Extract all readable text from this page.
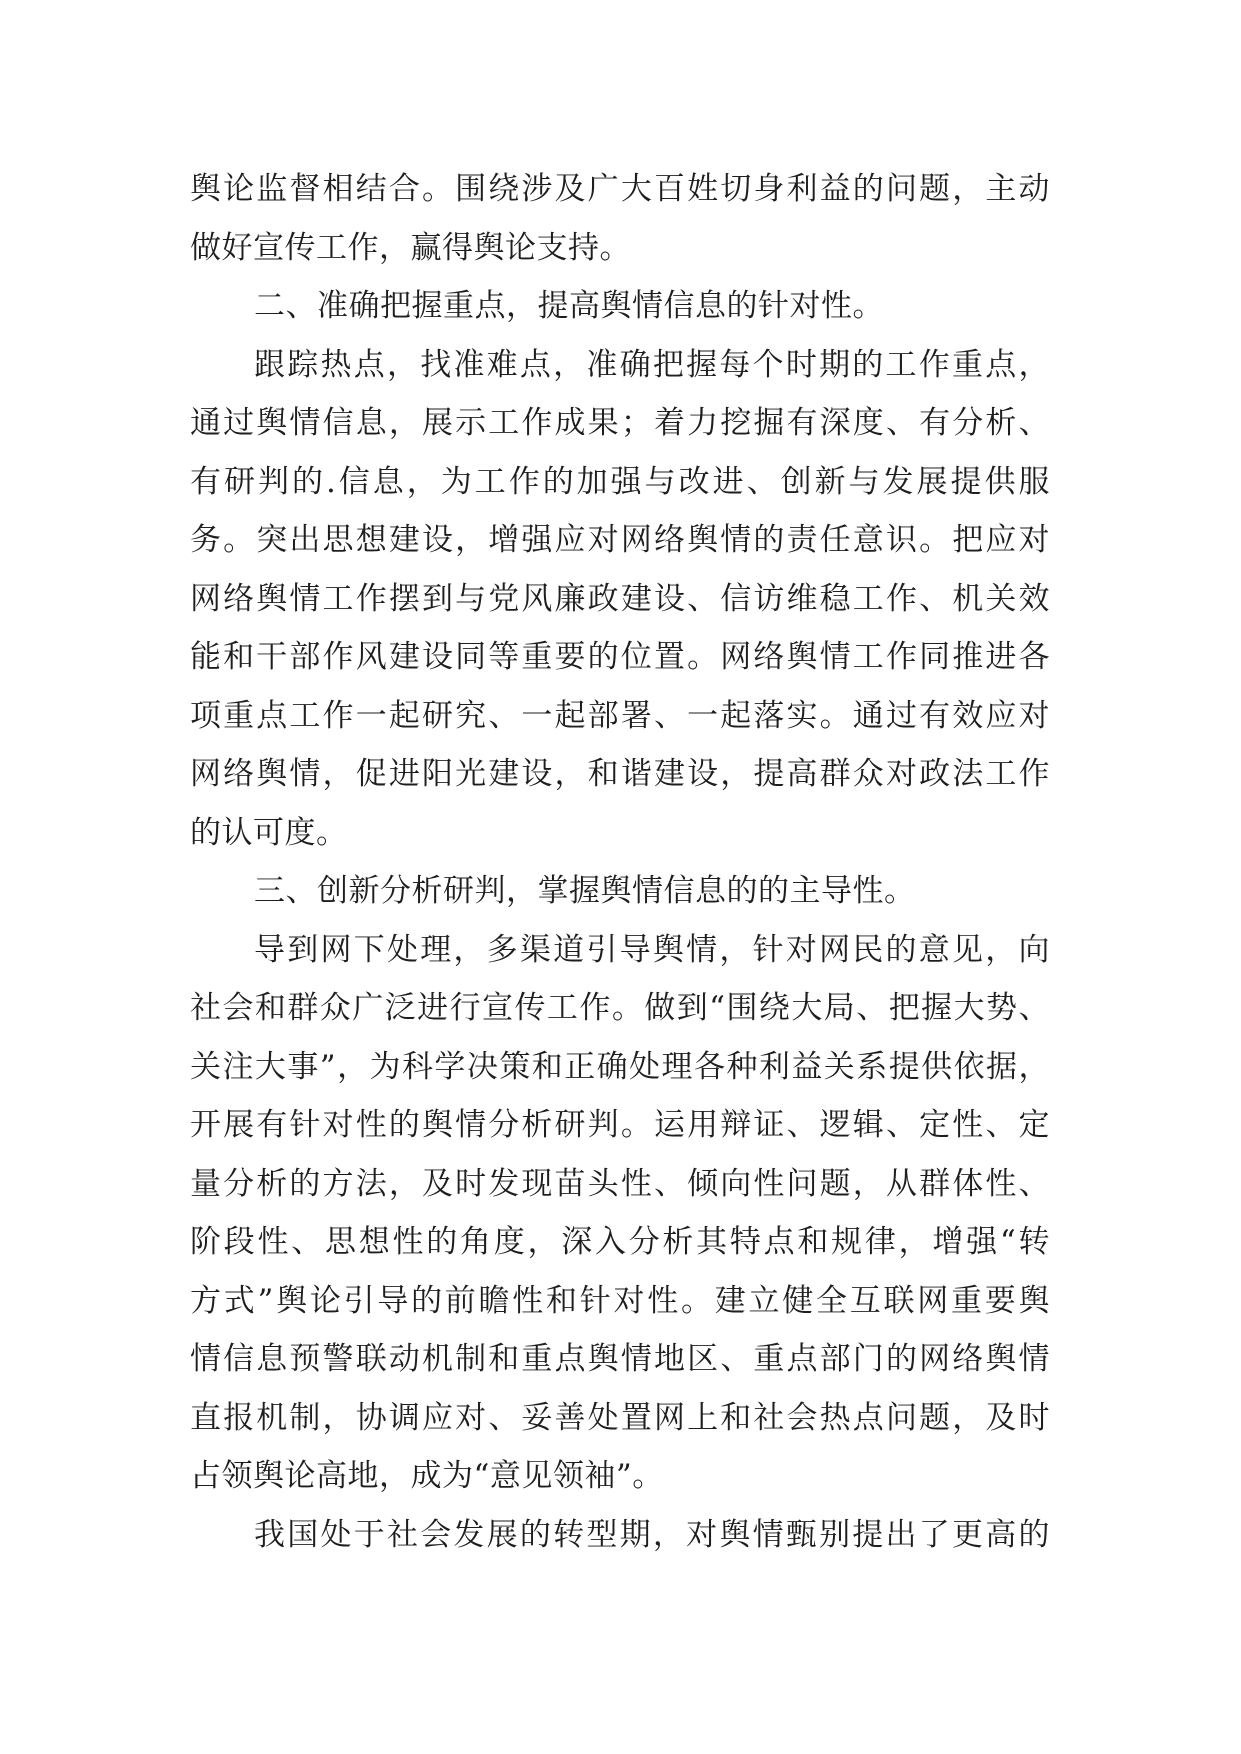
舆论监督相结合。围绕涉及广大百姓切身利益的问题，主动
做好宣传工作，赢得舆论支持。
二、准确把握重点，提高舆情信息的针对性。
跟踪热点，找准难点，准确把握每个时期的工作重点，
通过舆情信息，展示工作成果；着力挖掘有深度、有分析、
有研判的.信息，为工作的加强与改进、创新与发展提供服
务。突出思想建设，增强应对网络舆情的责任意识。把应对
网络舆情工作摆到与党风廉政建设、信访维稳工作、机关效
能和干部作风建设同等重要的位置。网络舆情工作同推进各
项重点工作一起研究、一起部署、一起落实。通过有效应对
网络舆情，促进阳光建设，和谐建设，提高群众对政法工作
的认可度。
三、创新分析研判，掌握舆情信息的的主导性。
导到网下处理，多渠道引导舆情，针对网民的意见，向
社会和群众广泛进行宣传工作。做到“围绕大局、把握大势、
关注大事”，为科学决策和正确处理各种利益关系提供依据，
开展有针对性的舆情分析研判。运用辩证、逻辑、定性、定
量分析的方法，及时发现苗头性、倾向性问题，从群体性、
阶段性、思想性的角度，深入分析其特点和规律，增强“转
方式”舆论引导的前瞻性和针对性。建立健全互联网重要舆
情信息预警联动机制和重点舆情地区、重点部门的网络舆情
直报机制，协调应对、妥善处置网上和社会热点问题，及时
占领舆论高地，成为“意见领袖”。
我国处于社会发展的转型期，对舆情甄别提出了更高的
